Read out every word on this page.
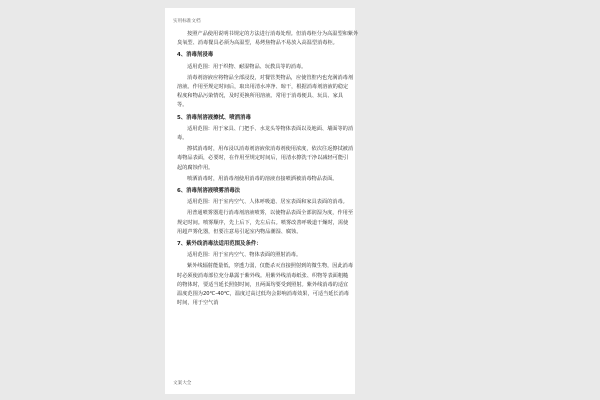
实用标准文档
按照产品使用说明书规定的方法进行消毒处理。但消毒柜分为高温型和紫外臭氧型、消毒餐具必须为高温型，易烤焦物品不易放入高温型消毒柜。
4、消毒剂浸毒
适用范围：用于织物、耐湿物品、玩教具等的消毒。
消毒剂溶液应将物品全部浸没，对餐管类物品，应使管腔内也充满消毒剂溶液。作用至规定时间后，取出用清水冲净、晾干，根据消毒剂溶液的稳定程度和物品污染情况，及时更换所用溶液。常用于消毒便具、玩具、家具等。
5、消毒剂溶液擦拭、喷洒消毒
适用范围：用于家具、门把手、水龙头等物体表面以及地面、墙面等的消毒。
擦拭消毒时，用布浸以消毒剂溶液依消毒剂使用浓度，依次往返擦拭被消毒物品表面，必要时，在作用至规定时间后，用清水擦洗干净以减轻可能引起的腐蚀作用。
喷洒消毒时，用消毒剂使用消毒的溶液直接喷洒被消毒物品表面。
6、消毒剂溶液喷雾消毒法
适用范围：用于室内空气、人体呼吸道、居室表面和家具表面的消毒。
用普通喷雾器进行消毒剂溶液喷雾，以使物品表面全部润湿为度，作用至规定时间。喷雾顺序，先上后下，先左后右。喷雾改善呼吸道干燥时，需使用超声雾化器，但要注意易引起室内物品潮湿、腐蚀。
7、紫外线消毒法适用范围及条件：
适用范围：用于室内空气、物体表面的照射消毒。
紫外线辐射能量低，穿透力弱，仅能杀灭直接照射到的微生物，因此消毒时必须使消毒部位充分暴露于紫外线。用紫外线消毒纸张、织物等表面粗糙的物体时，要适当延长照射时间，且两面均要受到照射。紫外线消毒的适宜温度范围为20℃-40℃，温度过高过低均会影响消毒效果，可适当延长消毒时间，用于空气消
文案大全
